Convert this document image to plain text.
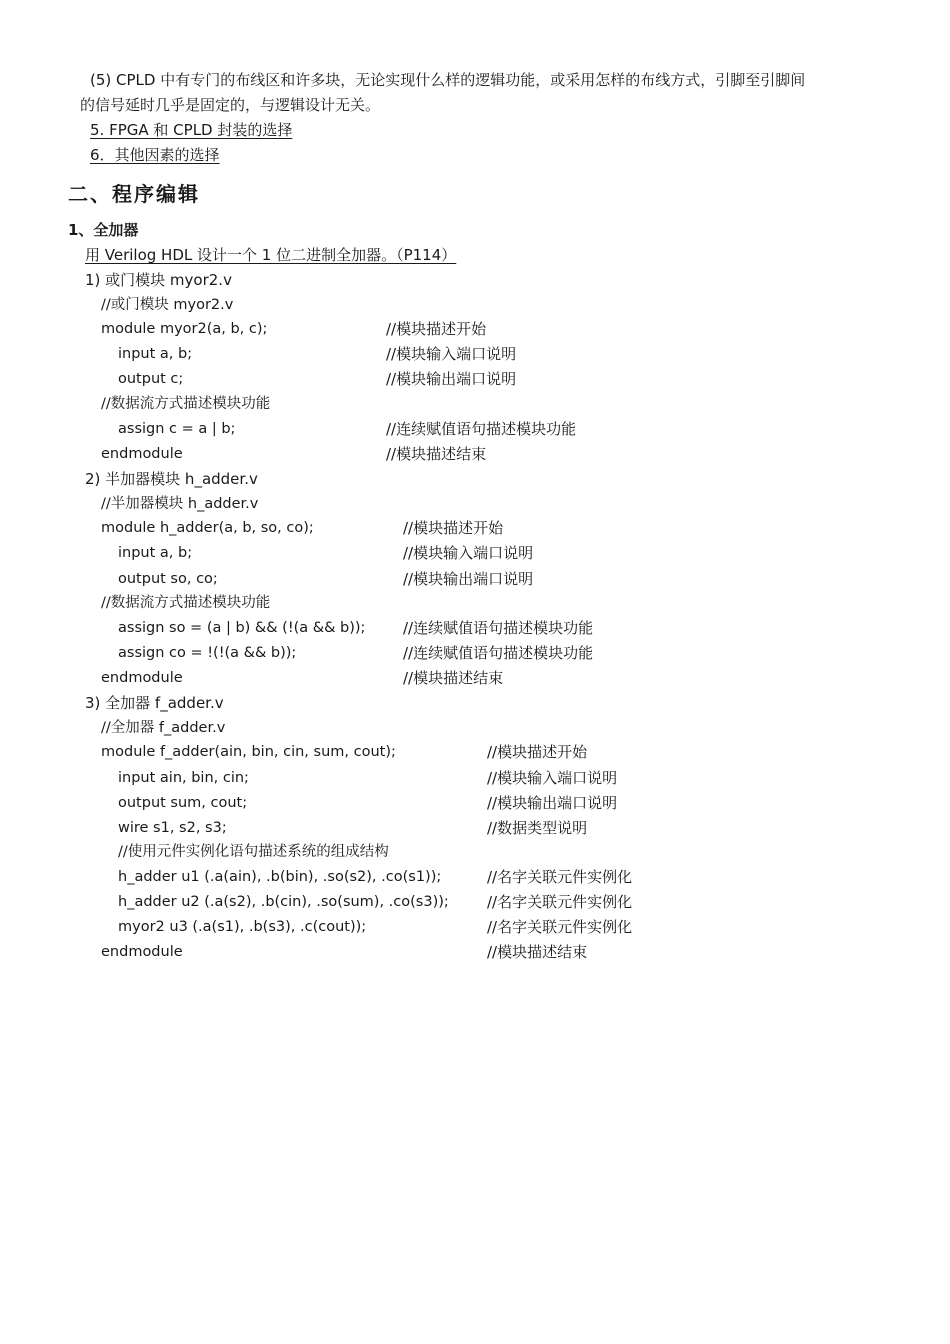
(5) CPLD 中有专门的布线区和许多块，无论实现什么样的逻辑功能，或采用怎样的布线方式，引脚至引脚间
的信号延时几乎是固定的，与逻辑设计无关。
5. FPGA 和 CPLD 封装的选择
6．其他因素的选择
二、程序编辑
1、全加器
用 Verilog HDL 设计一个 1 位二进制全加器。（P114）
1) 或门模块 myor2.v
//或门模块 myor2.v
module myor2(a, b, c);	//模块描述开始
input a, b;	//模块输入端口说明
output c;	//模块输出端口说明
//数据流方式描述模块功能
assign c = a | b;	//连续赋值语句描述模块功能
endmodule	//模块描述结束
2) 半加器模块 h_adder.v
//半加器模块 h_adder.v
module h_adder(a, b, so, co);	//模块描述开始
input a, b;	//模块输入端口说明
output so, co;	//模块输出端口说明
//数据流方式描述模块功能
assign so = (a | b) && (!(a && b));	//连续赋值语句描述模块功能
assign co = !(!(a && b));	//连续赋值语句描述模块功能
endmodule	//模块描述结束
3) 全加器 f_adder.v
//全加器 f_adder.v
module f_adder(ain, bin, cin, sum, cout);	//模块描述开始
input ain, bin, cin;	//模块输入端口说明
output sum, cout;	//模块输出端口说明
wire s1, s2, s3;	//数据类型说明
//使用元件实例化语句描述系统的组成结构
h_adder u1 (.a(ain), .b(bin), .so(s2), .co(s1));	//名字关联元件实例化
h_adder u2 (.a(s2), .b(cin), .so(sum), .co(s3));	//名字关联元件实例化
myor2 u3 (.a(s1), .b(s3), .c(cout));	//名字关联元件实例化
endmodule	//模块描述结束
